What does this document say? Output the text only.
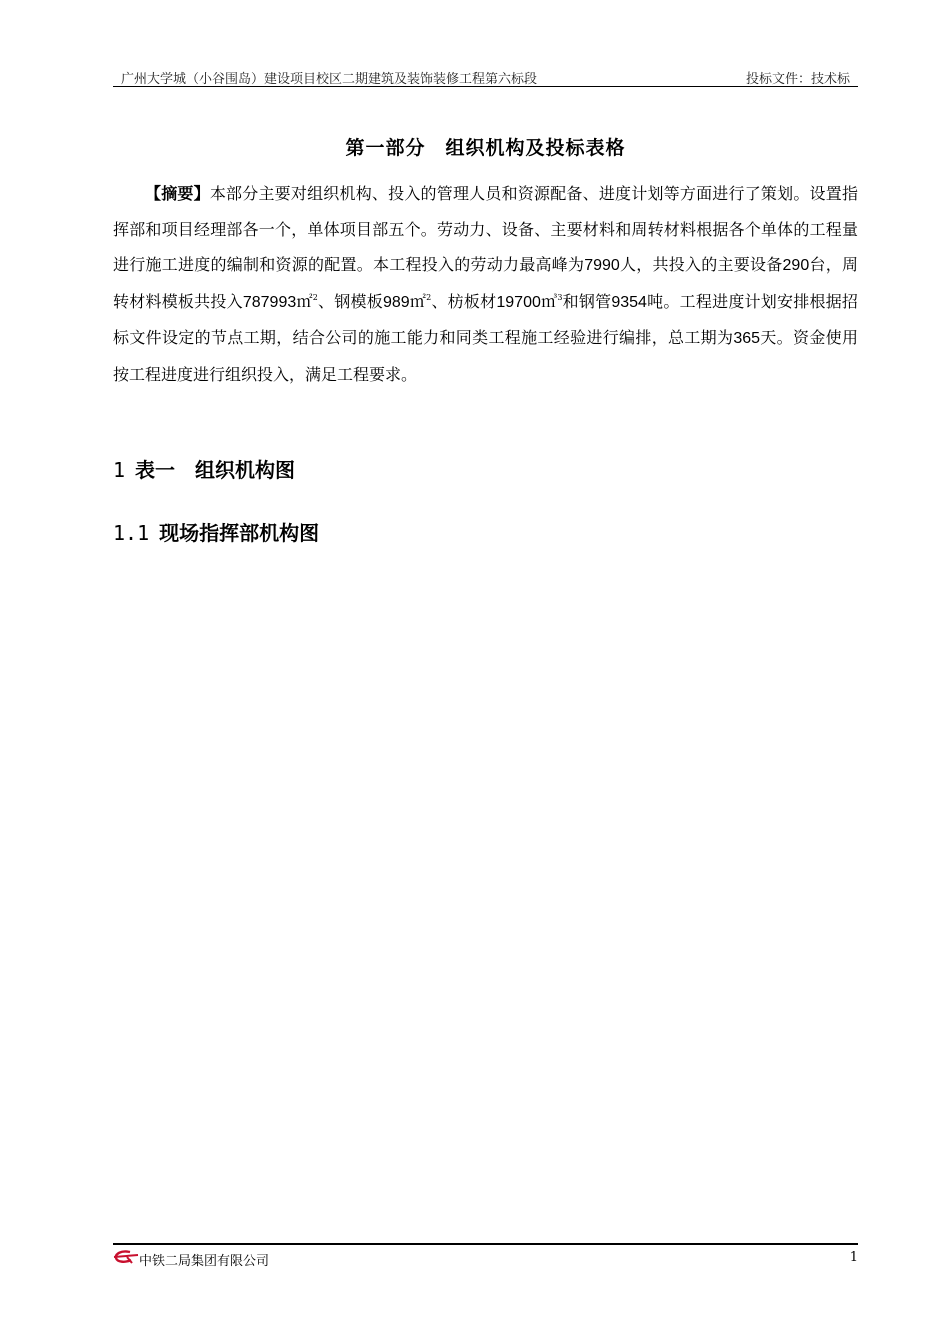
广州大学城（小谷围岛）建设项目校区二期建筑及装饰装修工程第六标段	投标文件：技术标
第一部分　组织机构及投标表格
【摘要】本部分主要对组织机构、投入的管理人员和资源配备、进度计划等方面进行了策划。设置指挥部和项目经理部各一个，单体项目部五个。劳动力、设备、主要材料和周转材料根据各个单体的工程量进行施工进度的编制和资源的配置。本工程投入的劳动力最高峰为7990人，共投入的主要设备290台，周转材料模板共投入787993㎡$^2$、钢模板989㎡$^2$、枋板材19700㎥$^3$和钢管9354吨。工程进度计划安排根据招标文件设定的节点工期，结合公司的施工能力和同类工程施工经验进行编排，总工期为365天。资金使用按工程进度进行组织投入，满足工程要求。
1 表一　组织机构图
1.1 现场指挥部机构图
中铁二局集团有限公司	1
